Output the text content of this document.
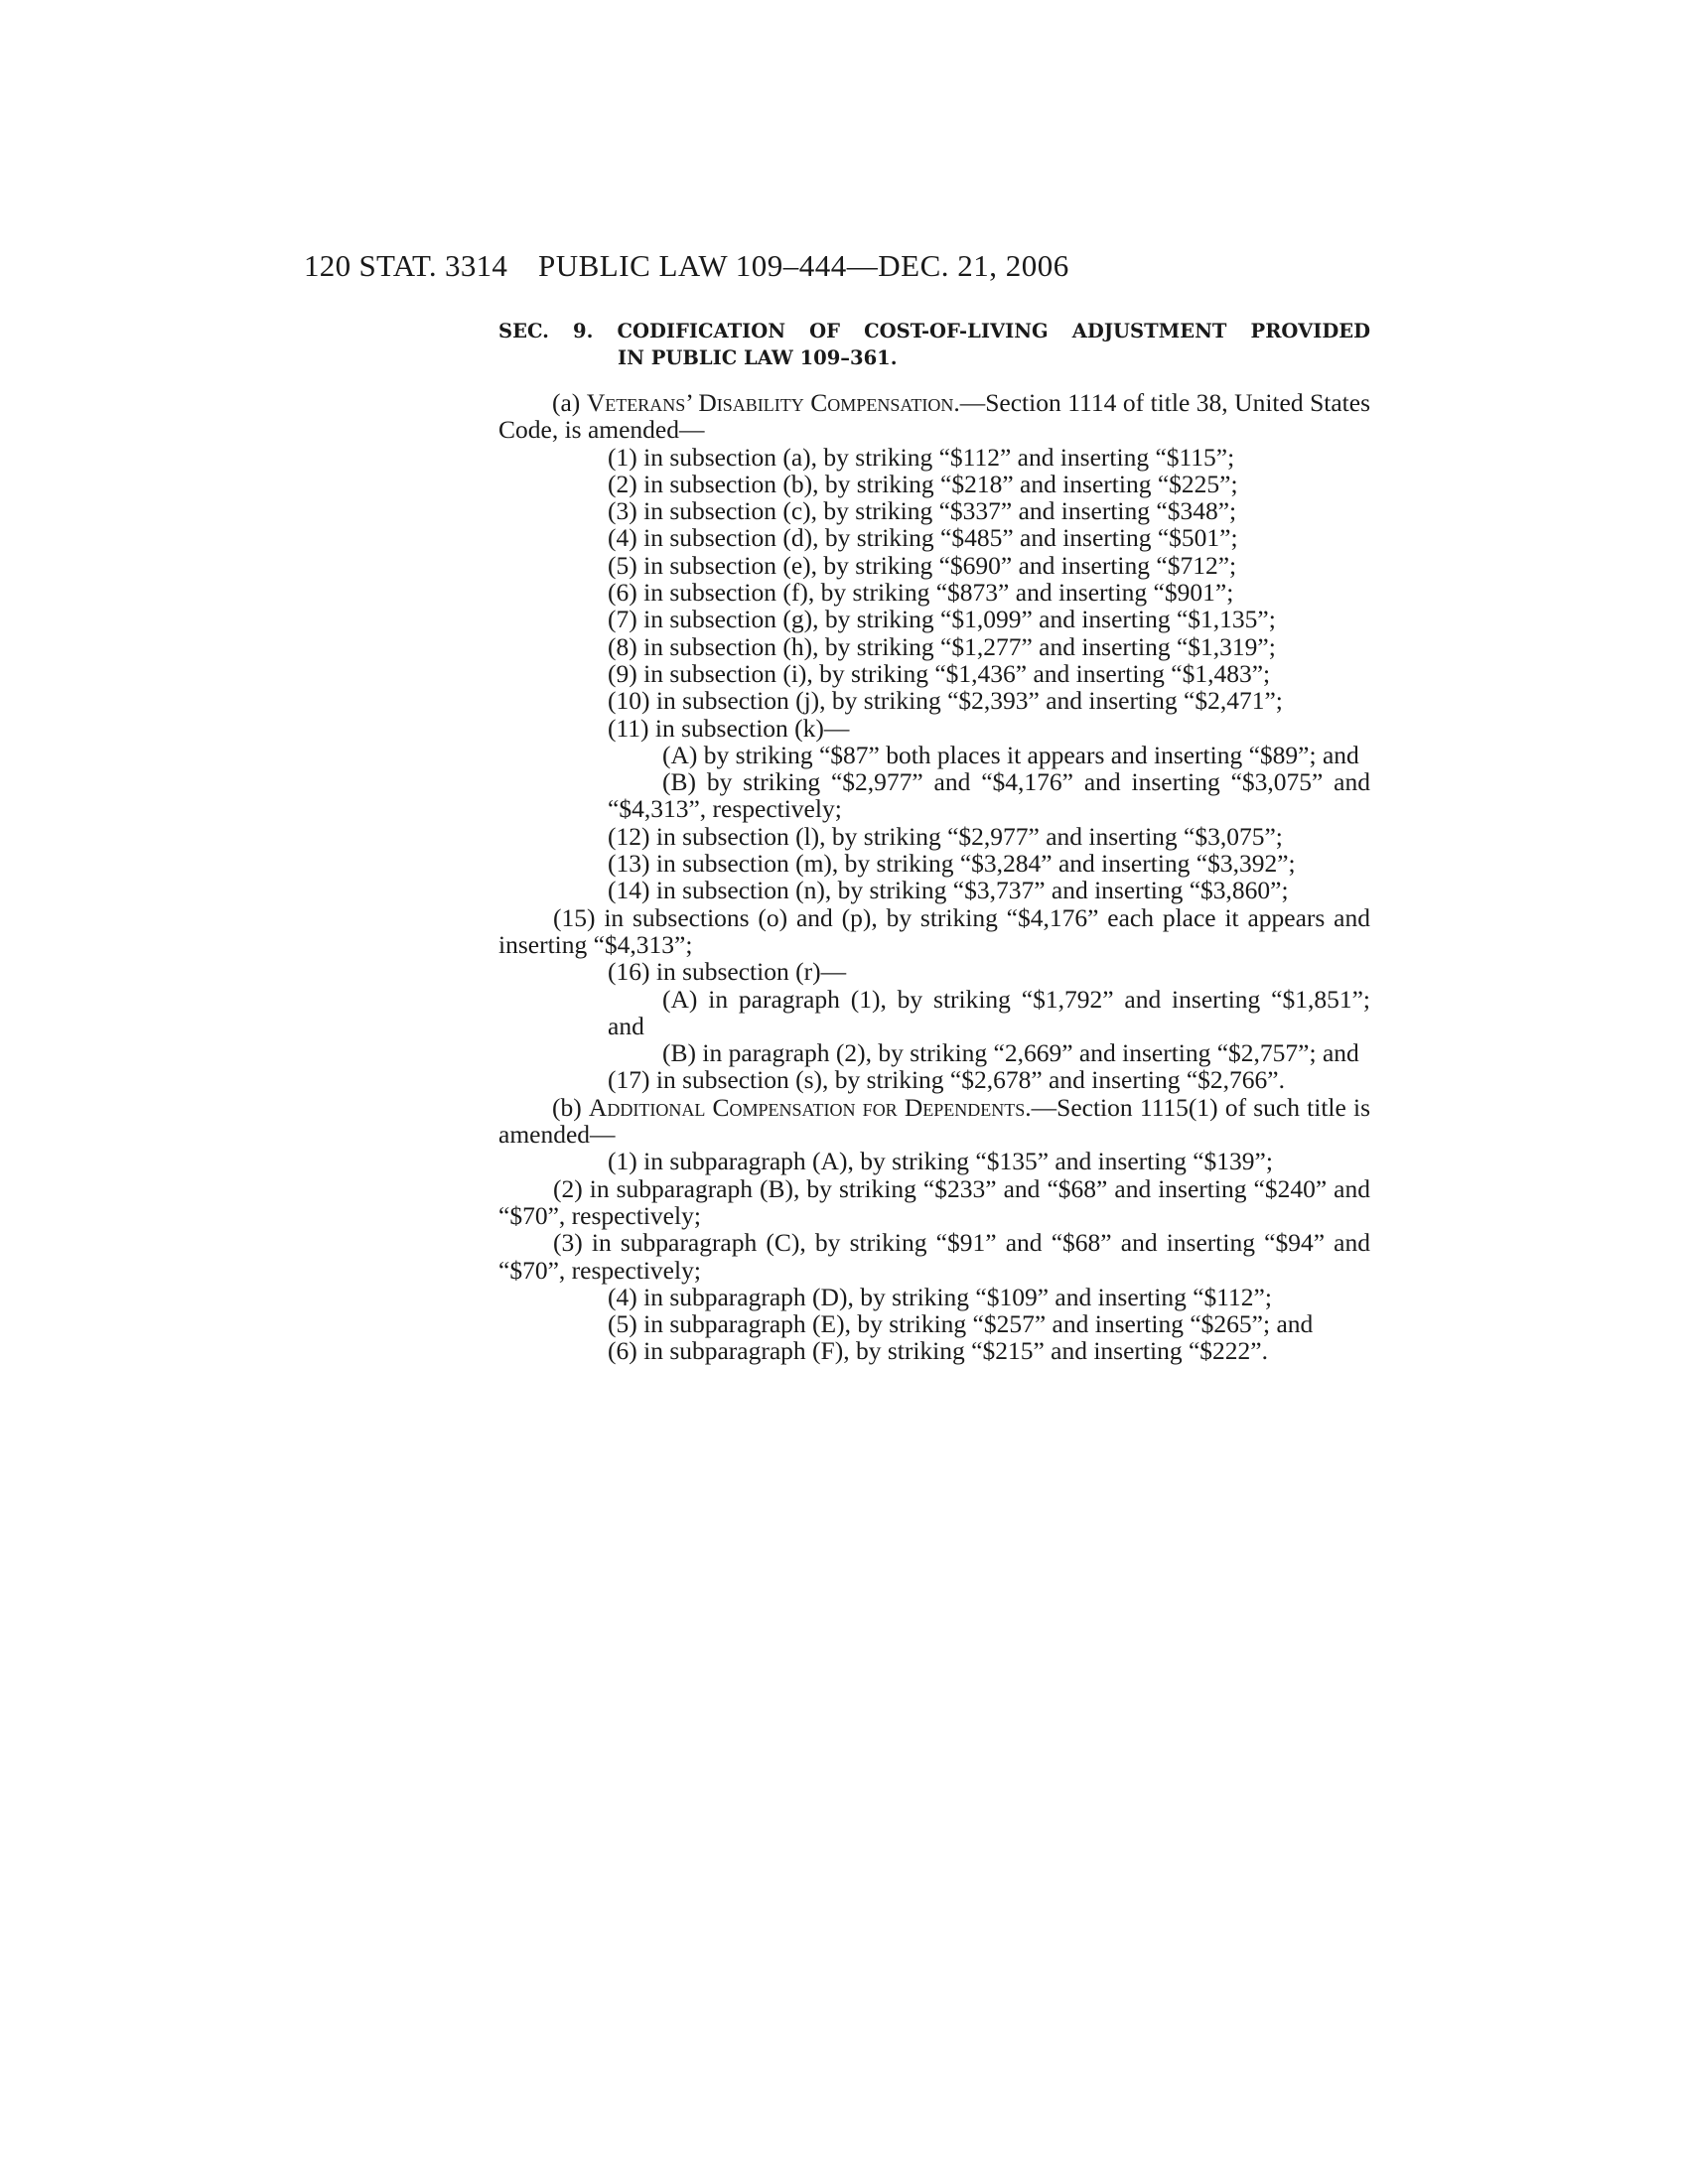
120 STAT. 3314 PUBLIC LAW 109–444—DEC. 21, 2006
SEC. 9. CODIFICATION OF COST-OF-LIVING ADJUSTMENT PROVIDED
IN PUBLIC LAW 109–361.

(a) Veterans’ Disability Compensation.—Section 1114 of title 38, United States Code, is amended—

(1) in subsection (a), by striking “$112” and inserting “$115”;

(2) in subsection (b), by striking “$218” and inserting “$225”;

(3) in subsection (c), by striking “$337” and inserting “$348”;

(4) in subsection (d), by striking “$485” and inserting “$501”;

(5) in subsection (e), by striking “$690” and inserting “$712”;

(6) in subsection (f), by striking “$873” and inserting “$901”;

(7) in subsection (g), by striking “$1,099” and inserting “$1,135”;

(8) in subsection (h), by striking “$1,277” and inserting “$1,319”;

(9) in subsection (i), by striking “$1,436” and inserting “$1,483”;

(10) in subsection (j), by striking “$2,393” and inserting “$2,471”;

(11) in subsection (k)—

(A) by striking “$87” both places it appears and inserting “$89”; and

(B) by striking “$2,977” and “$4,176” and inserting “$3,075” and “$4,313”, respectively;

(12) in subsection (l), by striking “$2,977” and inserting “$3,075”;

(13) in subsection (m), by striking “$3,284” and inserting “$3,392”;

(14) in subsection (n), by striking “$3,737” and inserting “$3,860”;

(15) in subsections (o) and (p), by striking “$4,176” each place it appears and inserting “$4,313”;

(16) in subsection (r)—

(A) in paragraph (1), by striking “$1,792” and inserting “$1,851”; and

(B) in paragraph (2), by striking “2,669” and inserting “$2,757”; and

(17) in subsection (s), by striking “$2,678” and inserting “$2,766”.

(b) Additional Compensation for Dependents.—Section 1115(1) of such title is amended—

(1) in subparagraph (A), by striking “$135” and inserting “$139”;

(2) in subparagraph (B), by striking “$233” and “$68” and inserting “$240” and “$70”, respectively;

(3) in subparagraph (C), by striking “$91” and “$68” and inserting “$94” and “$70”, respectively;

(4) in subparagraph (D), by striking “$109” and inserting “$112”;

(5) in subparagraph (E), by striking “$257” and inserting “$265”; and

(6) in subparagraph (F), by striking “$215” and inserting “$222”.
